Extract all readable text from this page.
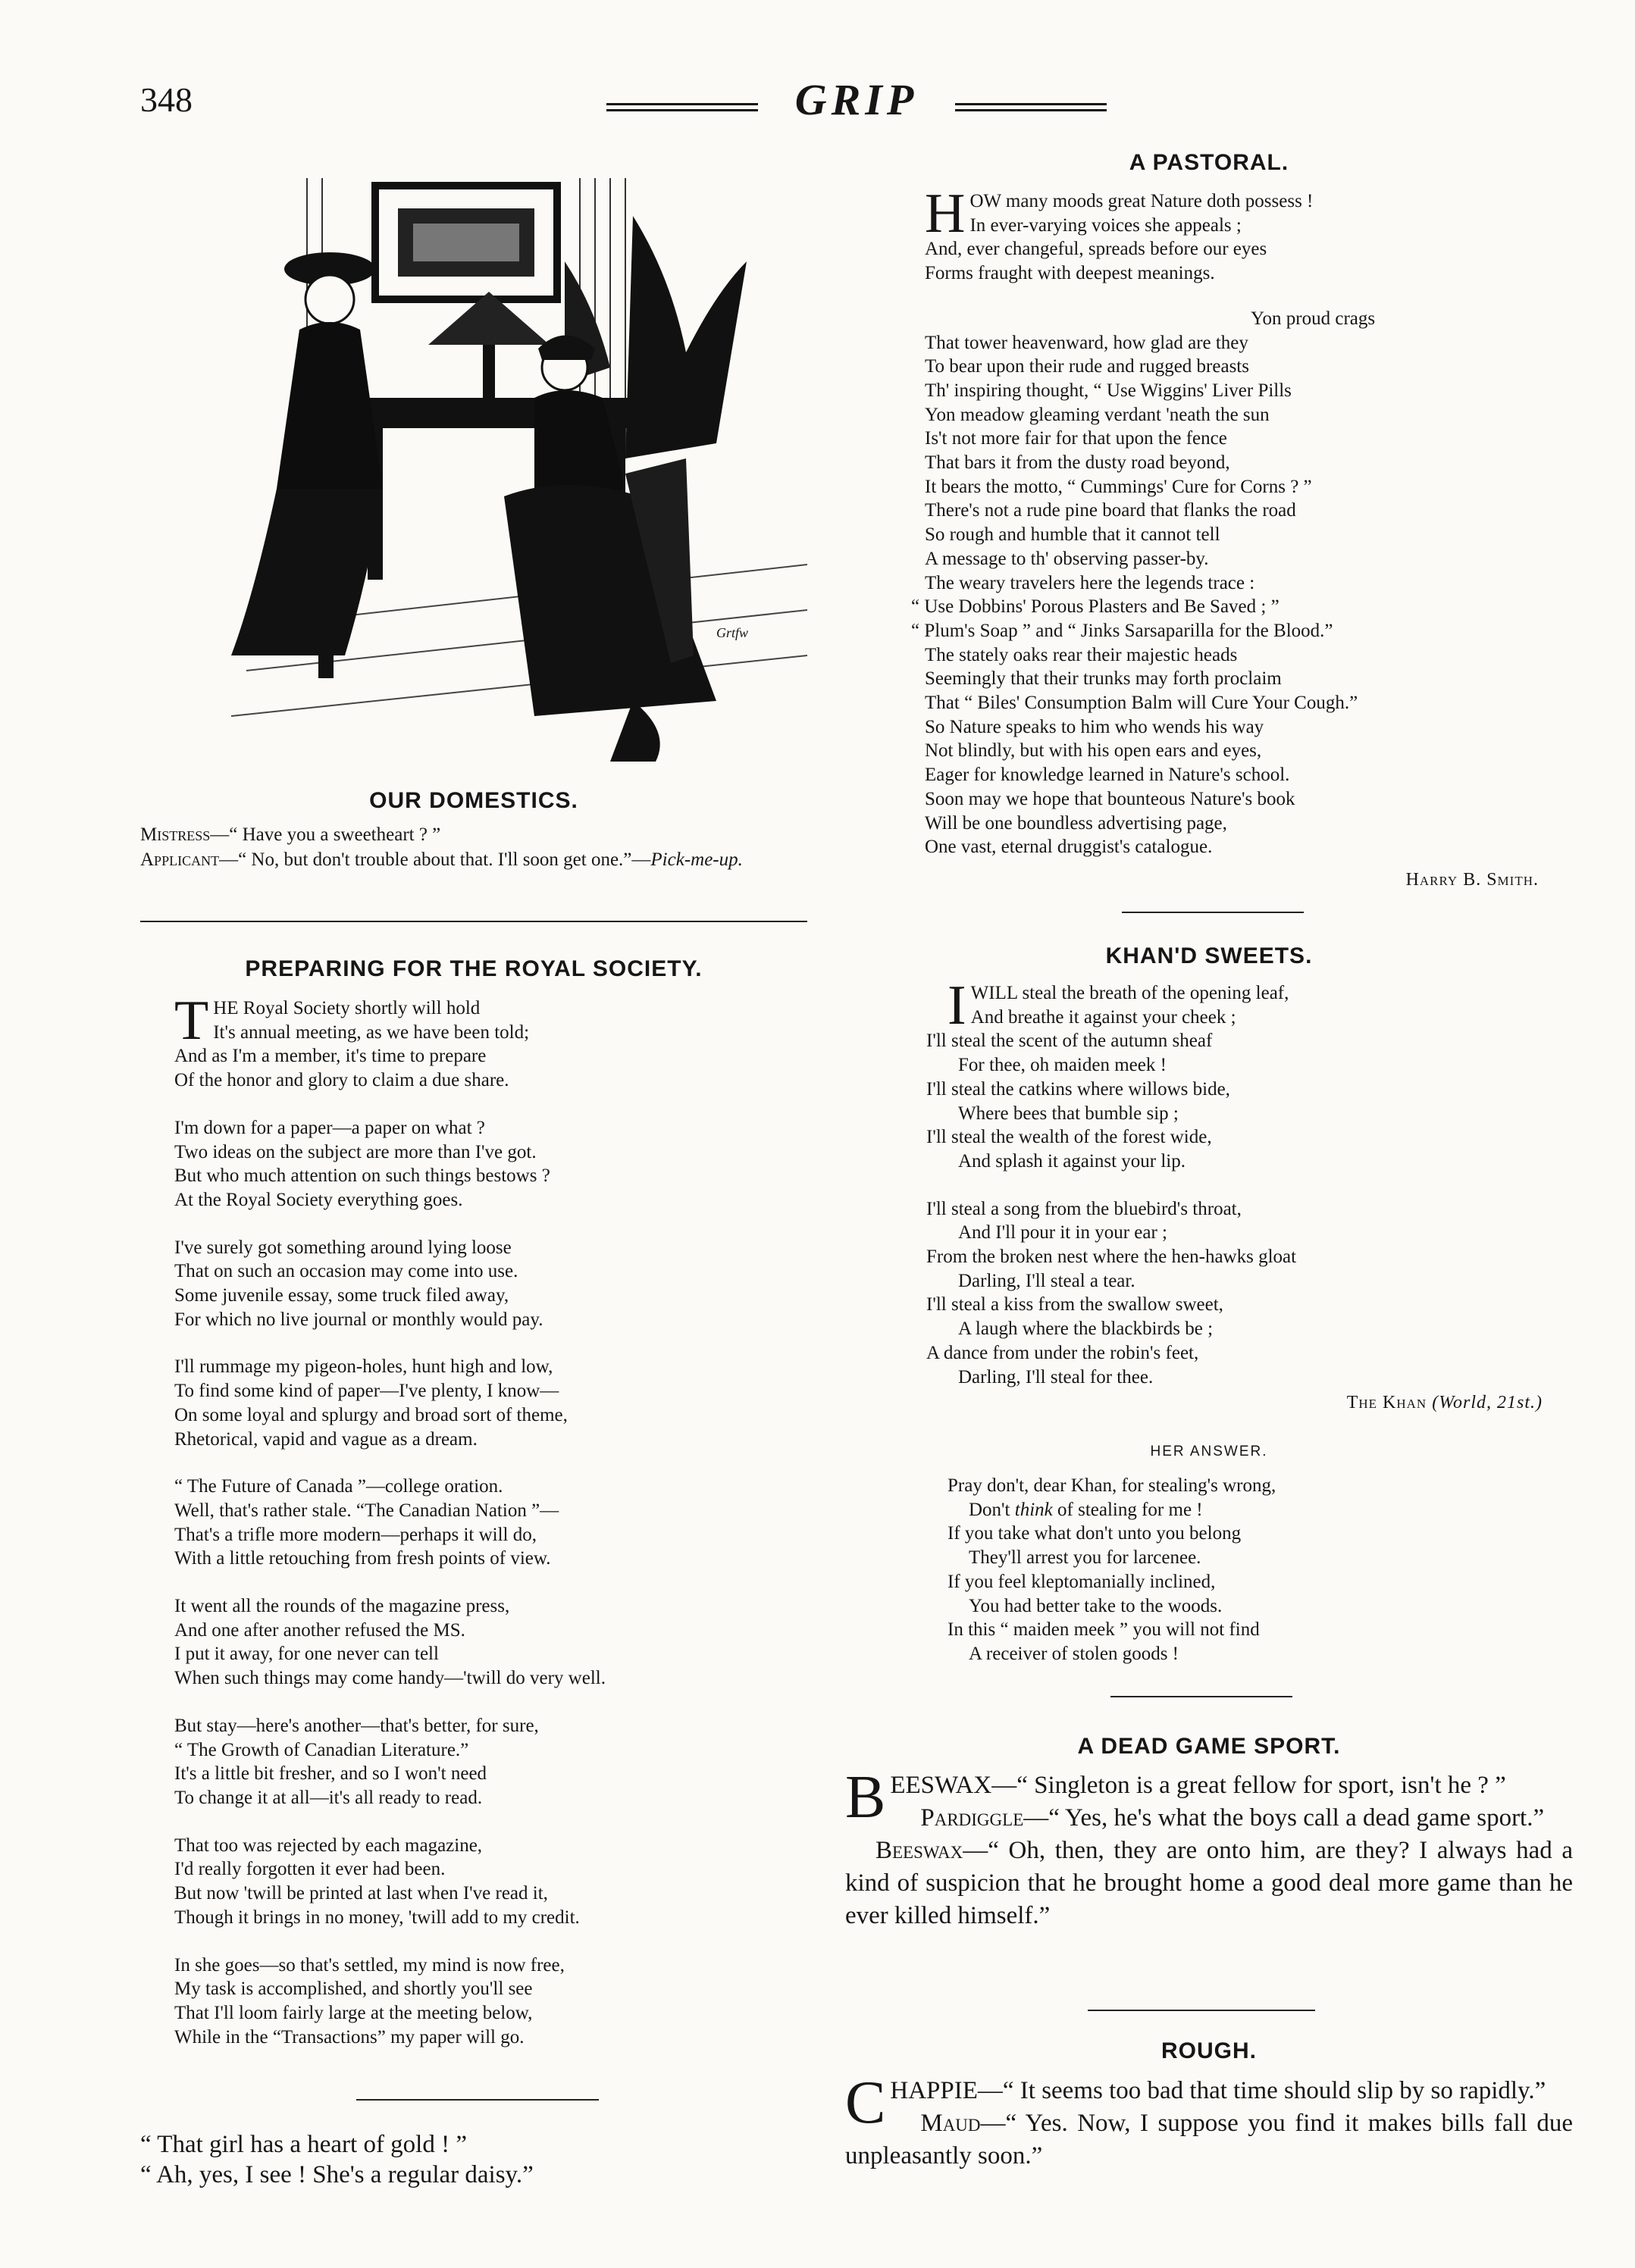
348	GRIP
Grtfw
OUR DOMESTICS.

Mistress—“ Have you a sweetheart ? ”

Applicant—“ No, but don't trouble about that. I'll soon get one.”—Pick-me-up.

PREPARING FOR THE ROYAL SOCIETY.
T HE Royal Society shortly will hold
It's annual meeting, as we have been told;
And as I'm a member, it's time to prepare
Of the honor and glory to claim a due share.
I'm down for a paper—a paper on what ?
Two ideas on the subject are more than I've got.
But who much attention on such things bestows ?
At the Royal Society everything goes.
I've surely got something around lying loose
That on such an occasion may come into use.
Some juvenile essay, some truck filed away,
For which no live journal or monthly would pay.
I'll rummage my pigeon-holes, hunt high and low,
To find some kind of paper—I've plenty, I know—
On some loyal and splurgy and broad sort of theme,
Rhetorical, vapid and vague as a dream.
“ The Future of Canada ”—college oration.
Well, that's rather stale. “The Canadian Nation ”—
That's a trifle more modern—perhaps it will do,
With a little retouching from fresh points of view.
It went all the rounds of the magazine press,
And one after another refused the MS.
I put it away, for one never can tell
When such things may come handy—'twill do very well.
But stay—here's another—that's better, for sure,
“ The Growth of Canadian Literature.”
It's a little bit fresher, and so I won't need
To change it at all—it's all ready to read.
That too was rejected by each magazine,
I'd really forgotten it ever had been.
But now 'twill be printed at last when I've read it,
Though it brings in no money, 'twill add to my credit.
In she goes—so that's settled, my mind is now free,
My task is accomplished, and shortly you'll see
That I'll loom fairly large at the meeting below,
While in the “Transactions” my paper will go.
“ That girl has a heart of gold ! ”
“ Ah, yes, I see ! She's a regular daisy.”
A PASTORAL.
H OW many moods great Nature doth possess !
In ever-varying voices she appeals ;
And, ever changeful, spreads before our eyes
Forms fraught with deepest meanings.
Yon proud crags
That tower heavenward, how glad are they
To bear upon their rude and rugged breasts
Th' inspiring thought, “ Use Wiggins' Liver Pills
Yon meadow gleaming verdant 'neath the sun
Is't not more fair for that upon the fence
That bars it from the dusty road beyond,
It bears the motto, “ Cummings' Cure for Corns ? ”
There's not a rude pine board that flanks the road
So rough and humble that it cannot tell
A message to th' observing passer-by.
The weary travelers here the legends trace :
“ Use Dobbins' Porous Plasters and Be Saved ; ”
“ Plum's Soap ” and “ Jinks Sarsaparilla for the Blood.”
The stately oaks rear their majestic heads
Seemingly that their trunks may forth proclaim
That “ Biles' Consumption Balm will Cure Your Cough.”
So Nature speaks to him who wends his way
Not blindly, but with his open ears and eyes,
Eager for knowledge learned in Nature's school.
Soon may we hope that bounteous Nature's book
Will be one boundless advertising page,
One vast, eternal druggist's catalogue.
Harry B. Smith.
KHAN'D SWEETS.
I WILL steal the breath of the opening leaf,
And breathe it against your cheek ;
I'll steal the scent of the autumn sheaf
For thee, oh maiden meek !
I'll steal the catkins where willows bide,
Where bees that bumble sip ;
I'll steal the wealth of the forest wide,
And splash it against your lip.
I'll steal a song from the bluebird's throat,
And I'll pour it in your ear ;
From the broken nest where the hen-hawks gloat
Darling, I'll steal a tear.
I'll steal a kiss from the swallow sweet,
A laugh where the blackbirds be ;
A dance from under the robin's feet,
Darling, I'll steal for thee.
The Khan (World, 21st.)
HER ANSWER.
Pray don't, dear Khan, for stealing's wrong,
Don't think of stealing for me !
If you take what don't unto you belong
They'll arrest you for larcenee.
If you feel kleptomanially inclined,
You had better take to the woods.
In this “ maiden meek ” you will not find
A receiver of stolen goods !
A DEAD GAME SPORT.

BEESWAX—“ Singleton is a great fellow for sport, isn't he ? ”

Pardiggle—“ Yes, he's what the boys call a dead game sport.”

Beeswax—“ Oh, then, they are onto him, are they? I always had a kind of suspicion that he brought home a good deal more game than he ever killed himself.”

ROUGH.

CHAPPIE—“ It seems too bad that time should slip by so rapidly.”

Maud—“ Yes. Now, I suppose you find it makes bills fall due unpleasantly soon.”
